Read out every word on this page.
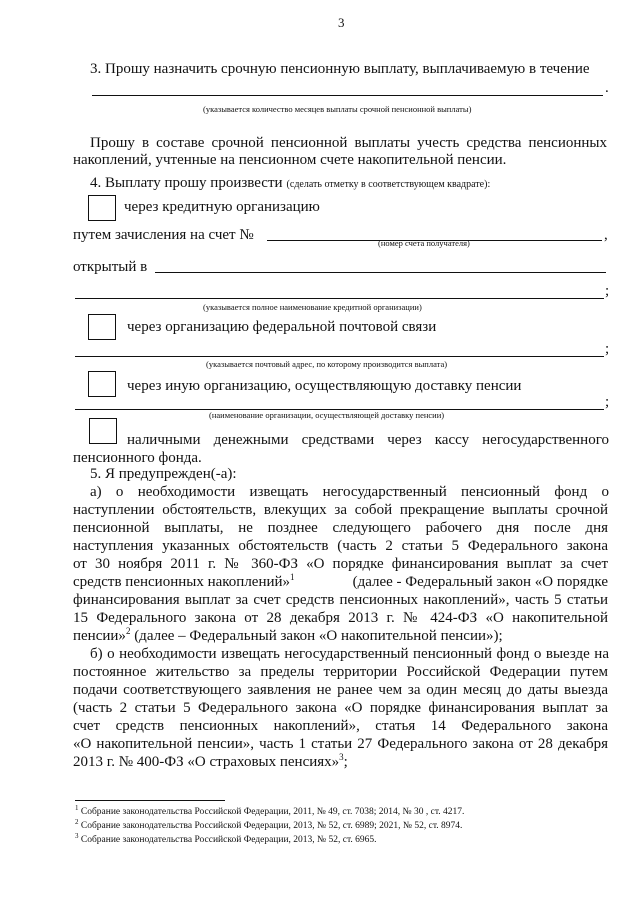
3
3. Прошу назначить срочную пенсионную выплату, выплачиваемую в течение
.
(указывается количество месяцев выплаты срочной пенсионной выплаты)
Прошу в составе срочной пенсионной выплаты учесть средства пенсионных
накоплений, учтенные на пенсионном счете накопительной пенсии.
4. Выплату прошу произвести (сделать отметку в соответствующем квадрате):
через кредитную организацию
путем зачисления на счет №	,
(номер счета получателя)
открытый в
;
(указывается полное наименование кредитной организации)
через организацию федеральной почтовой связи
;
(указывается почтовый адрес, по которому производится выплата)
через иную организацию, осуществляющую доставку пенсии
;
(наименование организации, осуществляющей доставку пенсии)
наличными денежными средствами через кассу негосударственного
пенсионного фонда.
5. Я предупрежден(-а):
а) о необходимости извещать негосударственный пенсионный фонд о
наступлении обстоятельств, влекущих за собой прекращение выплаты срочной
пенсионной выплаты, не позднее следующего рабочего дня после дня
наступления указанных обстоятельств (часть 2 статьи 5 Федерального закона
от 30 ноября 2011 г. № 360-ФЗ «О порядке финансирования выплат за счет
средств пенсионных накоплений»$^1$	(далее - Федеральный закон «О порядке
финансирования выплат за счет средств пенсионных накоплений», часть 5 статьи
15 Федерального закона от 28 декабря 2013 г. № 424-ФЗ «О накопительной
пенсии»$^2$ (далее – Федеральный закон «О накопительной пенсии»);
б) о необходимости извещать негосударственный пенсионный фонд о выезде на
постоянное жительство за пределы территории Российской Федерации путем
подачи соответствующего заявления не ранее чем за один месяц до даты выезда
(часть 2 статьи 5 Федерального закона «О порядке финансирования выплат за
счет средств пенсионных накоплений», статья 14 Федерального закона
«О накопительной пенсии», часть 1 статьи 27 Федерального закона от 28 декабря
2013 г. № 400-ФЗ «О страховых пенсиях»$^3$;
$^1$ Собрание законодательства Российской Федерации, 2011, № 49, ст. 7038; 2014, № 30 , ст. 4217.
$^2$ Собрание законодательства Российской Федерации, 2013, № 52, ст. 6989; 2021, № 52, ст. 8974.
$^3$ Собрание законодательства Российской Федерации, 2013, № 52, ст. 6965.
